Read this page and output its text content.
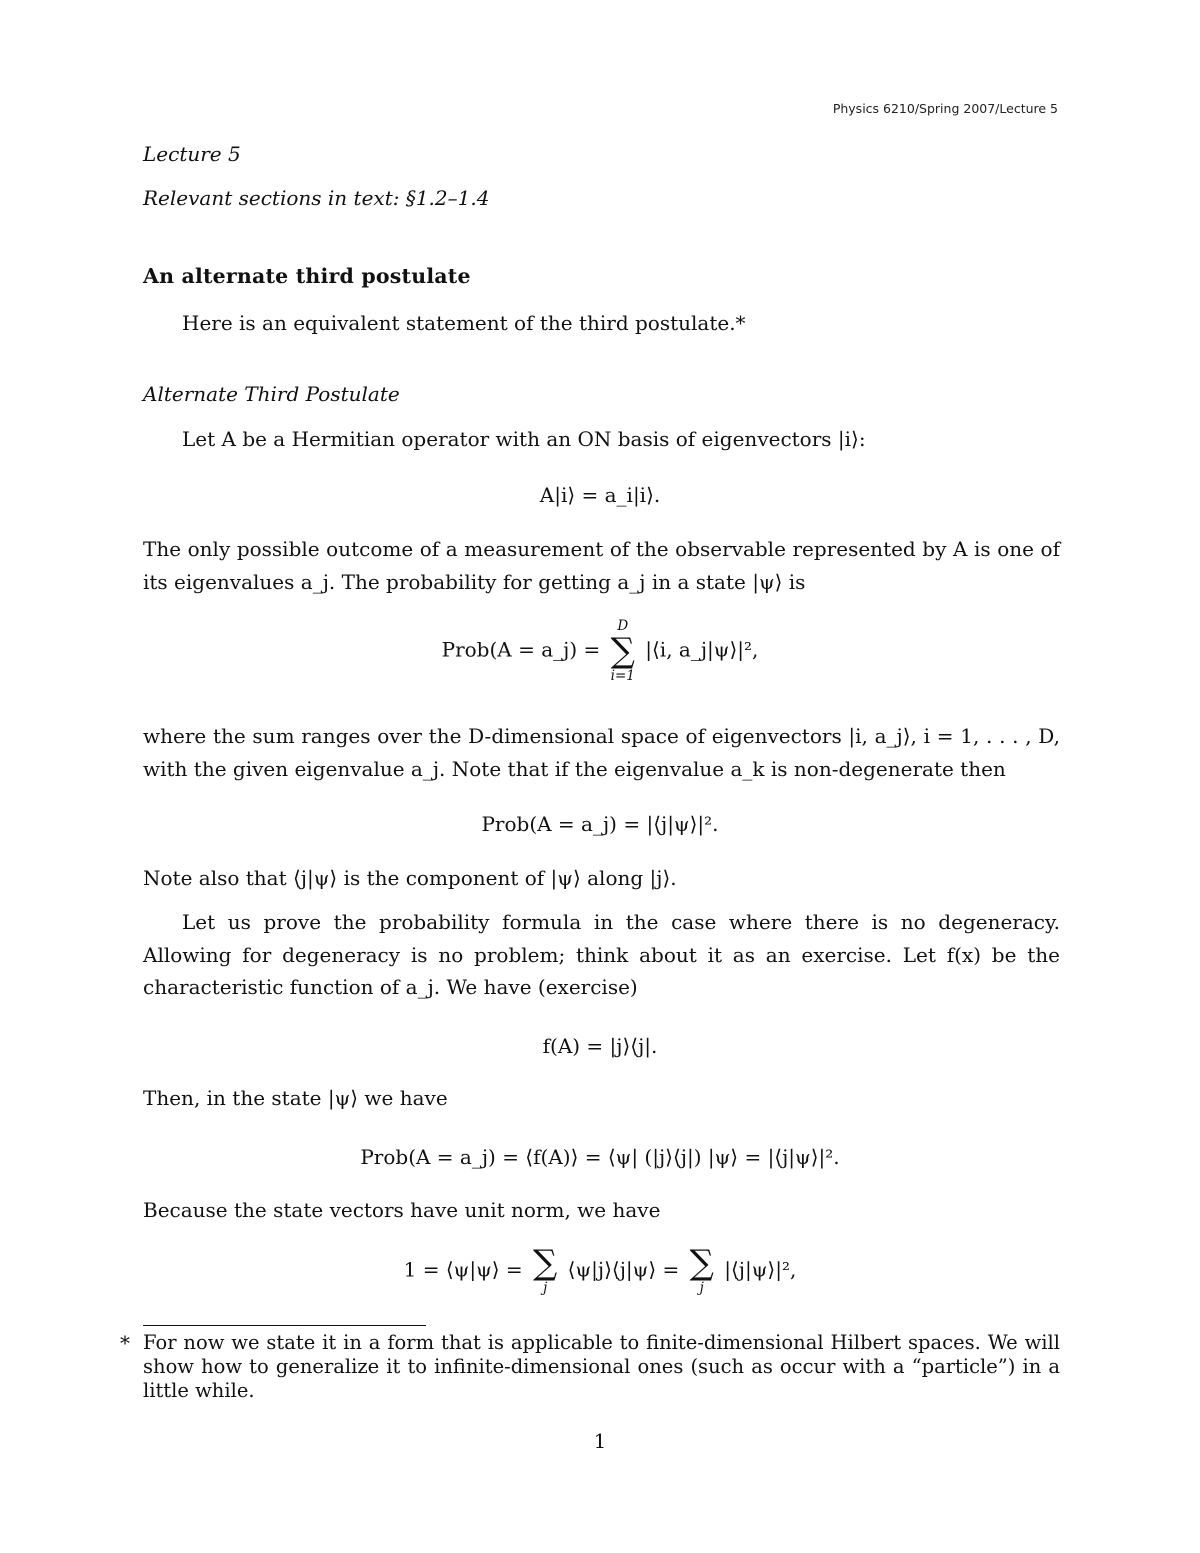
Physics 6210/Spring 2007/Lecture 5
Lecture 5
Relevant sections in text: §1.2–1.4
An alternate third postulate
Here is an equivalent statement of the third postulate.*
Alternate Third Postulate
Let A be a Hermitian operator with an ON basis of eigenvectors |i⟩:
A|i⟩ = a_i|i⟩.
The only possible outcome of a measurement of the observable represented by A is one of its eigenvalues a_j. The probability for getting a_j in a state |ψ⟩ is
Prob(A = a_j) =
D
∑
i=1
|⟨i, a_j|ψ⟩|²,
where the sum ranges over the D-dimensional space of eigenvectors |i, a_j⟩, i = 1, . . . , D, with the given eigenvalue a_j. Note that if the eigenvalue a_k is non-degenerate then
Prob(A = a_j) = |⟨j|ψ⟩|².
Note also that ⟨j|ψ⟩ is the component of |ψ⟩ along |j⟩.
Let us prove the probability formula in the case where there is no degeneracy. Allowing for degeneracy is no problem; think about it as an exercise. Let f(x) be the characteristic function of a_j. We have (exercise)
f(A) = |j⟩⟨j|.
Then, in the state |ψ⟩ we have
Prob(A = a_j) = ⟨f(A)⟩ = ⟨ψ| (|j⟩⟨j|) |ψ⟩ = |⟨j|ψ⟩|².
Because the state vectors have unit norm, we have
1 = ⟨ψ|ψ⟩ = ∑
j
⟨ψ|j⟩⟨j|ψ⟩ = ∑
j
|⟨j|ψ⟩|²,
* For now we state it in a form that is applicable to finite-dimensional Hilbert spaces. We will show how to generalize it to infinite-dimensional ones (such as occur with a “particle”) in a little while.
1
